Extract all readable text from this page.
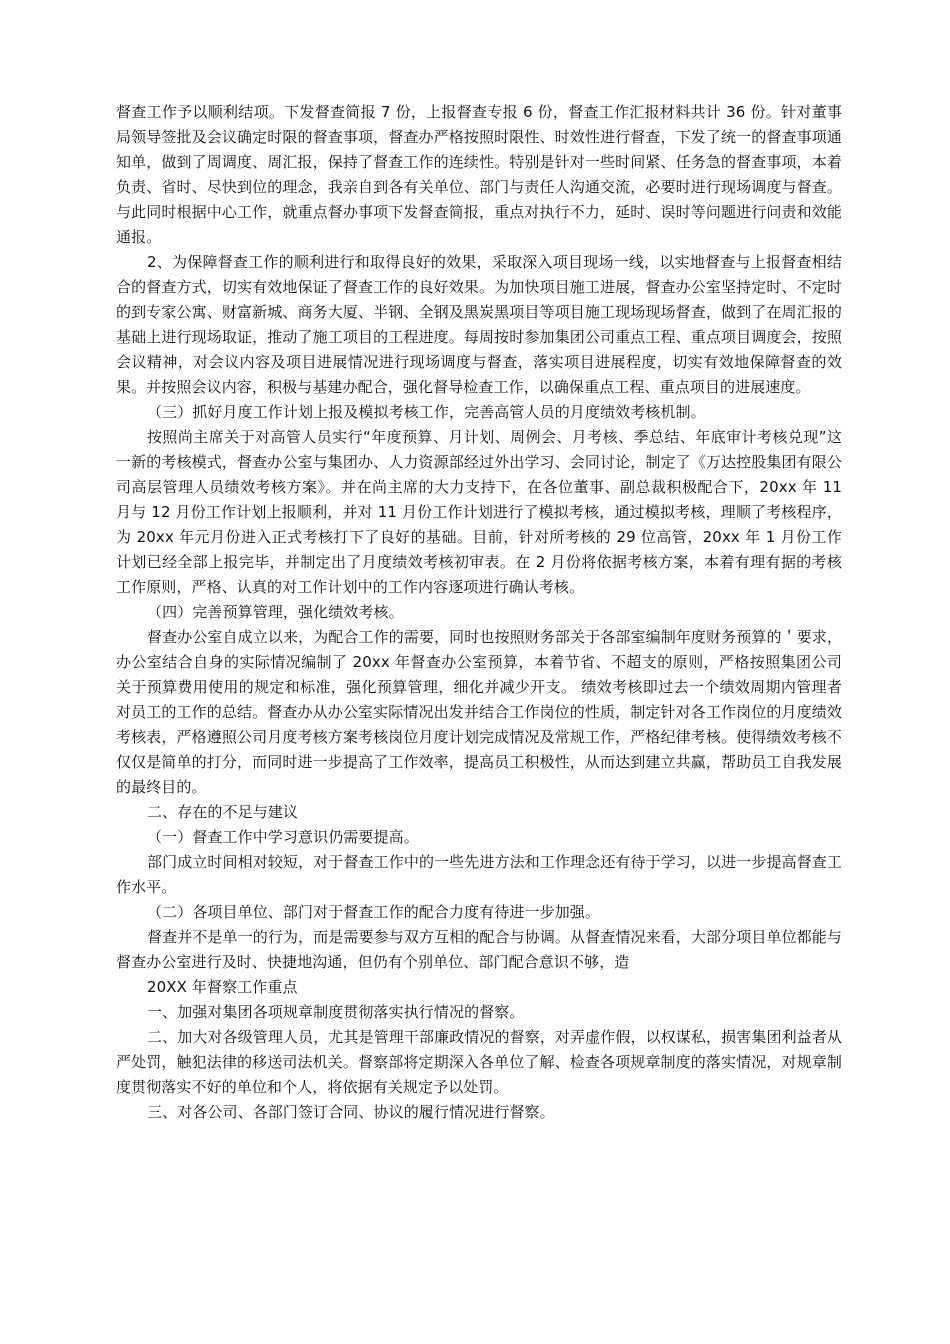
督查工作予以顺利结项。下发督查简报 7 份，上报督查专报 6 份，督查工作汇报材料共计 36 份。针对董事局领导签批及会议确定时限的督查事项，督查办严格按照时限性、时效性进行督查，下发了统一的督查事项通知单，做到了周调度、周汇报，保持了督查工作的连续性。特别是针对一些时间紧、任务急的督查事项，本着负责、省时、尽快到位的理念，我亲自到各有关单位、部门与责任人沟通交流，必要时进行现场调度与督查。与此同时根据中心工作，就重点督办事项下发督查简报，重点对执行不力，延时、误时等问题进行问责和效能通报。

2、为保障督查工作的顺利进行和取得良好的效果，采取深入项目现场一线，以实地督查与上报督查相结合的督查方式，切实有效地保证了督查工作的良好效果。为加快项目施工进展，督查办公室坚持定时、不定时的到专家公寓、财富新城、商务大厦、半钢、全钢及黑炭黑项目等项目施工现场现场督查，做到了在周汇报的基础上进行现场取证，推动了施工项目的工程进度。每周按时参加集团公司重点工程、重点项目调度会，按照会议精神，对会议内容及项目进展情况进行现场调度与督查，落实项目进展程度，切实有效地保障督查的效果。并按照会议内容，积极与基建办配合，强化督导检查工作，以确保重点工程、重点项目的进展速度。

（三）抓好月度工作计划上报及模拟考核工作，完善高管人员的月度绩效考核机制。

按照尚主席关于对高管人员实行“年度预算、月计划、周例会、月考核、季总结、年底审计考核兑现”这一新的考核模式，督查办公室与集团办、人力资源部经过外出学习、会同讨论，制定了《万达控股集团有限公司高层管理人员绩效考核方案》。并在尚主席的大力支持下，在各位董事、副总裁积极配合下，20xx 年 11 月与 12 月份工作计划上报顺利，并对 11 月份工作计划进行了模拟考核，通过模拟考核，理顺了考核程序，为 20xx 年元月份进入正式考核打下了良好的基础。目前，针对所考核的 29 位高管，20xx 年 1 月份工作计划已经全部上报完毕，并制定出了月度绩效考核初审表。在 2 月份将依据考核方案，本着有理有据的考核工作原则，严格、认真的对工作计划中的工作内容逐项进行确认考核。

（四）完善预算管理，强化绩效考核。

督查办公室自成立以来，为配合工作的需要，同时也按照财务部关于各部室编制年度财务预算的＇要求，办公室结合自身的实际情况编制了 20xx 年督查办公室预算，本着节省、不超支的原则，严格按照集团公司关于预算费用使用的规定和标准，强化预算管理，细化并减少开支。 绩效考核即过去一个绩效周期内管理者对员工的工作的总结。督查办从办公室实际情况出发并结合工作岗位的性质，制定针对各工作岗位的月度绩效考核表，严格遵照公司月度考核方案考核岗位月度计划完成情况及常规工作，严格纪律考核。使得绩效考核不仅仅是简单的打分，而同时进一步提高了工作效率，提高员工积极性，从而达到建立共赢，帮助员工自我发展的最终目的。

二、存在的不足与建议

（一）督查工作中学习意识仍需要提高。

部门成立时间相对较短，对于督查工作中的一些先进方法和工作理念还有待于学习，以进一步提高督查工作水平。

（二）各项目单位、部门对于督查工作的配合力度有待进一步加强。

督查并不是单一的行为，而是需要参与双方互相的配合与协调。从督查情况来看，大部分项目单位都能与督查办公室进行及时、快捷地沟通，但仍有个别单位、部门配合意识不够，造

20XX 年督察工作重点

一、加强对集团各项规章制度贯彻落实执行情况的督察。

二、加大对各级管理人员，尤其是管理干部廉政情况的督察，对弄虚作假，以权谋私，损害集团利益者从严处罚，触犯法律的移送司法机关。督察部将定期深入各单位了解、检查各项规章制度的落实情况，对规章制度贯彻落实不好的单位和个人，将依据有关规定予以处罚。

三、对各公司、各部门签订合同、协议的履行情况进行督察。
